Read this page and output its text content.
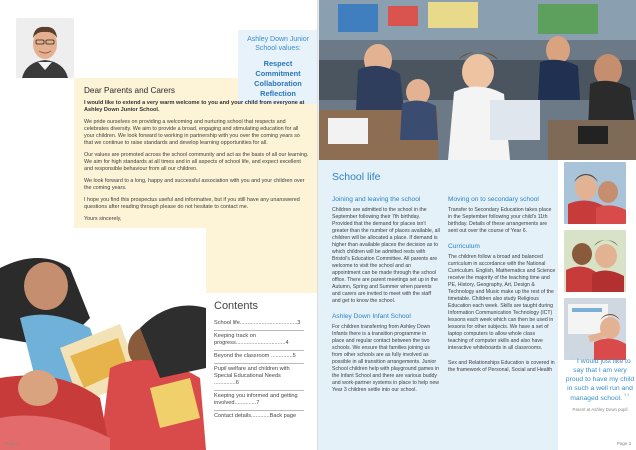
Ashley Down Junior School values:
Respect
Commitment
Collaboration
Reflection
Dear Parents and Carers
I would like to extend a very warm welcome to you and your child from everyone at Ashley Down Junior School.

We pride ourselves on providing a welcoming and nurturing school that respects and celebrates diversity. We aim to provide a broad, engaging and stimulating education for all your children. We look forward to working in partnership with you over the coming years so that we continue to raise standards and develop learning opportunities for all.

Our values are promoted across the school community and act as the basis of all our learning. We aim for high standards at all times and in all aspects of school life, and expect excellent and responsible behaviour from all our children.

We look forward to a long, happy and successful association with you and your children over the coming years.

I hope you find this prospectus useful and informative, but if you still have any unanswered questions after reading through please do not hesitate to contact me.

Yours sincerely,

Contents
School life.....................................3
Keeping track on progress................................4
Beyond the classroom ..............5
Pupil welfare and children with Special Educational Needs ..............6
Keeping you informed and getting involved..............7
Contact details............Back page
Page 2
School life
Joining and leaving the school
Children are admitted to the school in the September following their 7th birthday. Provided that the demand for places isn't greater than the number of places available, all children will be allocated a place. If demand is higher than available places the decision as to which children will be admitted rests with Bristol's Education Committee. All parents are welcome to visit the school and an appointment can be made through the school office. There are parent meetings set up in the Autumn, Spring and Summer when parents and carers are invited to meet with the staff and get to know the school.
Ashley Down Infant School
For children transferring from Ashley Down Infants there is a transition programme in place and regular contact between the two schools. We ensure that families joining us from other schools are as fully involved as possible in all transition arrangements. Junior School children help with playground games in the Infant School and there are various buddy and work-partner systems in place to help new Year 3 children settle into our school.
Moving on to secondary school
Transfer to Secondary Education takes place in the September following your child's 11th birthday. Details of these arrangements are sent out over the course of Year 6.
Curriculum
The children follow a broad and balanced curriculum in accordance with the National Curriculum. English, Mathematics and Science receive the majority of the teaching time and PE, History, Geography, Art, Design & Technology and Music make up the rest of the timetable. Children also study Religious Education each week. Skills are taught during Information Communication Technology (ICT) lessons each week which can then be used in lessons for other subjects. We have a set of laptop computers to allow whole class teaching of computer skills and also have interactive whiteboards in all classrooms.
Sex and Relationships Education is covered in the framework of Personal, Social and Health
❛❛ I would just like to say that I am very proud to have my child in such a well run and managed school. ❜❜
Parent at Ashley Down pupil
Page 3
